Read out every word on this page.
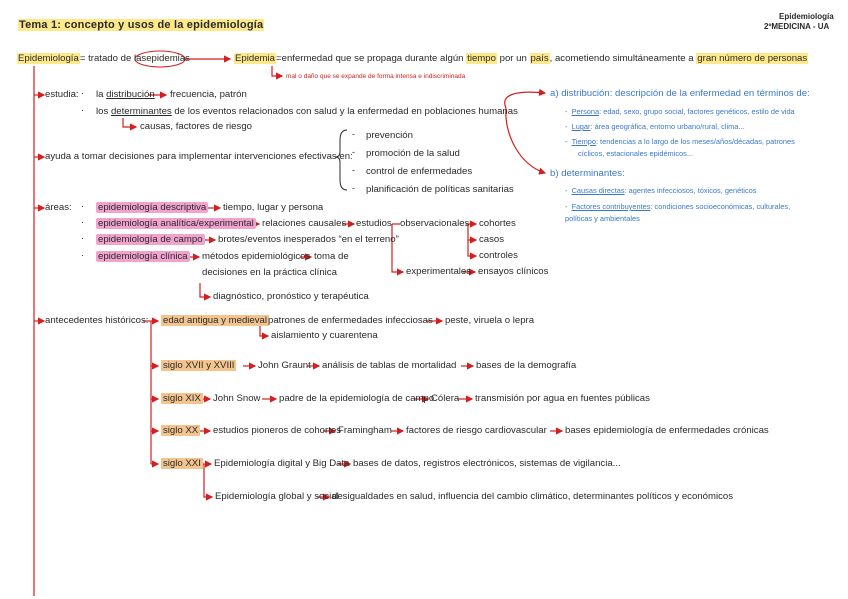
Tema 1: concepto y usos de la epidemiología
Epidemiología
2ºMEDICINA - UA
Epidemiología= tratado de lasepidemias	Epidemia=enfermedad que se propaga durante algún tiempo por un país, acometiendo simultáneamente a gran número de personas
mal o daño que se expande de forma intensa e indiscriminada
estudia: · la distribución frecuencia, patrón
· los determinantes de los eventos relacionados con salud y la enfermedad en poblaciones humanas
causas, factores de riesgo
ayuda a tomar decisiones para implementar intervenciones efectivas en:
- prevención
- promoción de la salud
- control de enfermedades
- planificación de políticas sanitarias
a) distribución: descripción de la enfermedad en términos de:
-  Persona: edad, sexo, grupo social, factores genéticos, estilo de vida
-  Lugar: área geográfica, entorno urbano/rural, clima...
-  Tiempo: tendencias a lo largo de los meses/años/décadas, patrones
cíclicos, estacionales epidémicos...
b) determinantes:
-  Causas directas: agentes infecciosos, tóxicos, genéticos
-  Factores contribuyentes: condiciones socioeconómicas, culturales,
políticas y ambientales
áreas: · epidemiología descriptiva tiempo, lugar y persona
· epidemiología analítica/experimental relaciones causales estudios observacionales cohortes
casos
controles
experimentales ensayos clínicos
· epidemiología de campo brotes/eventos inesperados “en el terreno”
· epidemiología clínica métodos epidemiológicos toma de
decisiones en la práctica clínica
diagnóstico, pronóstico y terapéutica
antecedentes históricos: edad antigua y medieval patrones de enfermedades infecciosas peste, viruela o lepra
aislamiento y cuarentena
siglo XVII y XVIII John Graunt análisis de tablas de mortalidad bases de la demografía
siglo XIX John Snow padre de la epidemiología de campo
Cólera transmisión por agua en fuentes públicas
siglo XX estudios pioneros de cohortes
Framingham factores de riesgo cardiovascular bases epidemiología de enfermedades crónicas
siglo XXI Epidemiología digital y Big Data bases de datos, registros electrónicos, sistemas de vigilancia...
Epidemiología global y social
desigualdades en salud, influencia del cambio climático, determinantes políticos y económicos
